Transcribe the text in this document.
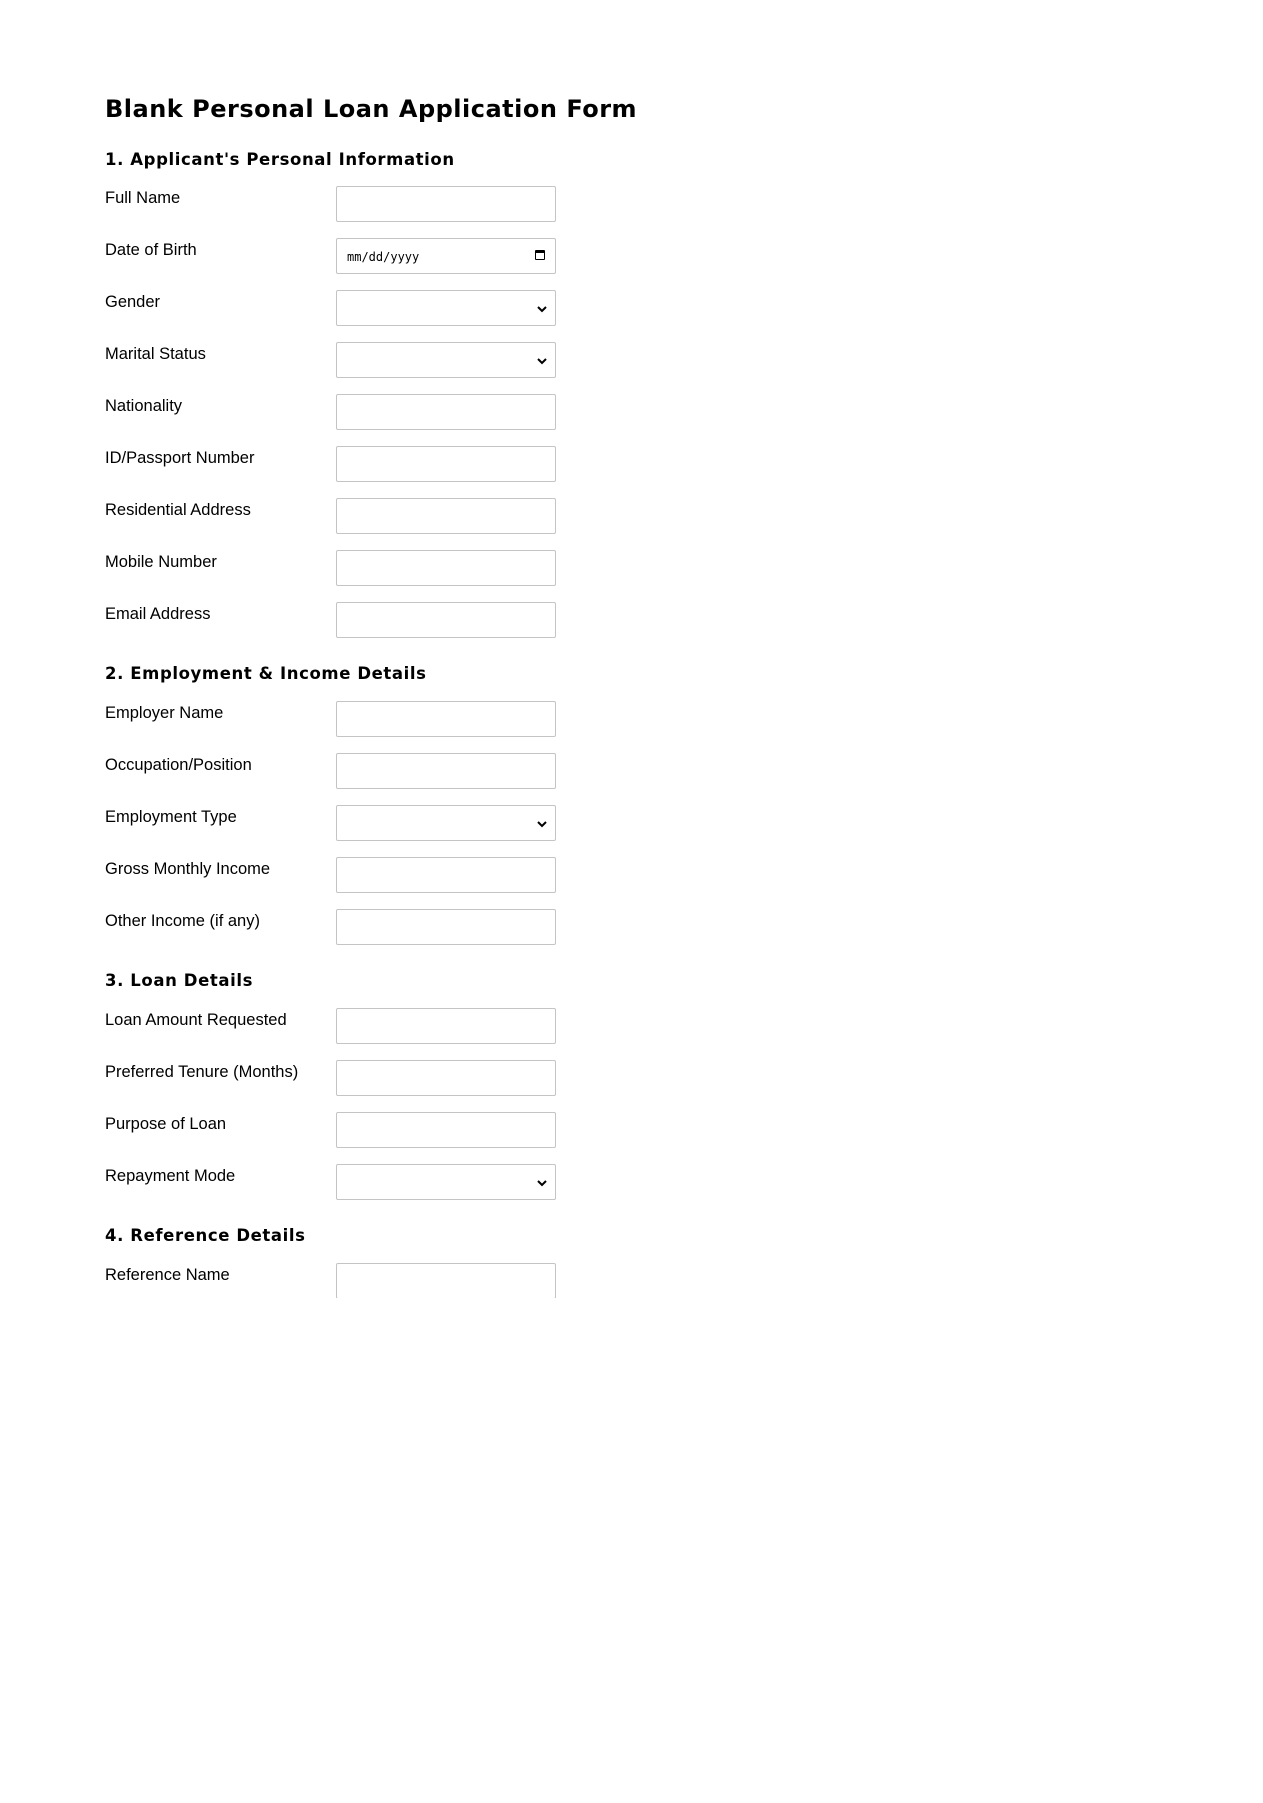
Blank Personal Loan Application Form
1. Applicant's Personal Information
Full Name
Date of Birth	mm/dd/yyyy
Gender
Marital Status
Nationality
ID/Passport Number
Residential Address
Mobile Number
Email Address
2. Employment & Income Details
Employer Name
Occupation/Position
Employment Type
Gross Monthly Income
Other Income (if any)
3. Loan Details
Loan Amount Requested
Preferred Tenure (Months)
Purpose of Loan
Repayment Mode
4. Reference Details
Reference Name
